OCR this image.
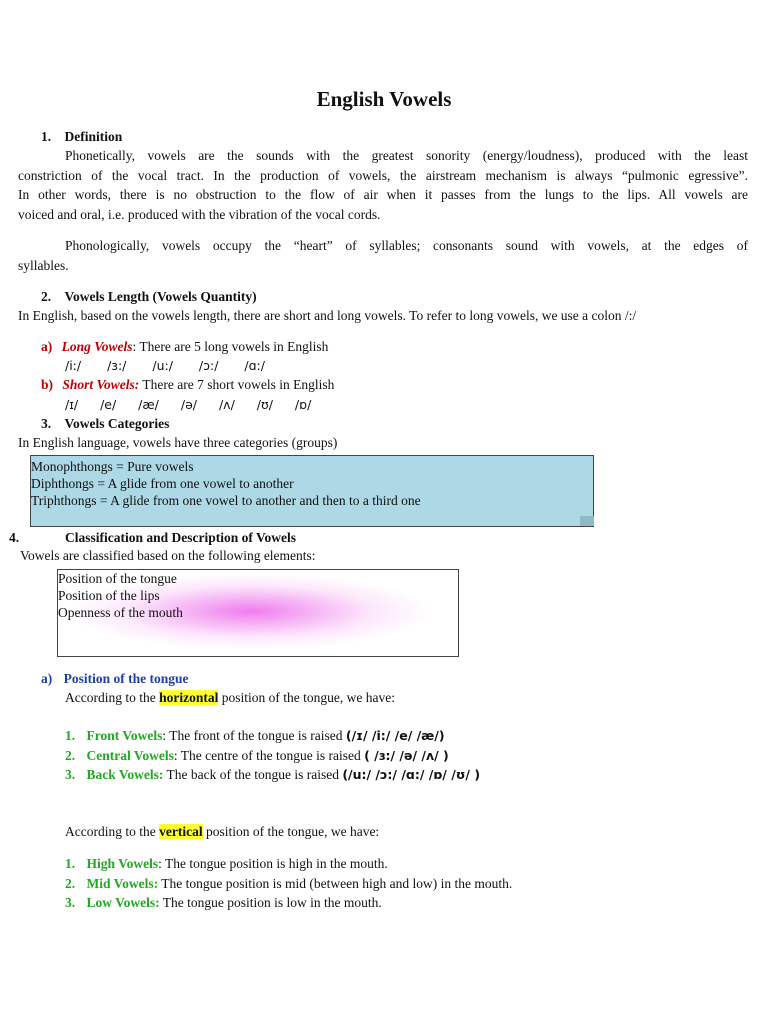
English Vowels
1. Definition
Phonetically, vowels are the sounds with the greatest sonority (energy/loudness), produced with the least
constriction of the vocal tract. In the production of vowels, the airstream mechanism is always “pulmonic egressive”.
In other words, there is no obstruction to the flow of air when it passes from the lungs to the lips. All vowels are
voiced and oral, i.e. produced with the vibration of the vocal cords.
Phonologically, vowels occupy the “heart” of syllables; consonants sound with vowels, at the edges of
syllables.
2. Vowels Length (Vowels Quantity)
In English, based on the vowels length, there are short and long vowels. To refer to long vowels, we use a colon /:/
a) Long Vowels: There are 5 long vowels in English
/i:/ /ɜ:/ /u:/ /ɔ:/ /ɑ:/
b) Short Vowels: There are 7 short vowels in English
/ɪ/ /e/ /æ/ /ə/ /ʌ/ /ʊ/ /ɒ/
3. Vowels Categories
In English language, vowels have three categories (groups)
Monophthongs = Pure vowels
Diphthongs = A glide from one vowel to another
Triphthongs = A glide from one vowel to another and then to a third one
4.	Classification and Description of Vowels
Vowels are classified based on the following elements:
Position of the tongue
Position of the lips
Openness of the mouth
a) Position of the tongue
According to the horizontal position of the tongue, we have:
1. Front Vowels: The front of the tongue is raised (/ɪ/ /i:/ /e/ /æ/)
2. Central Vowels: The centre of the tongue is raised ( /ɜ:/ /ə/ /ʌ/ )
3. Back Vowels: The back of the tongue is raised (/u:/ /ɔ:/ /ɑ:/ /ɒ/ /ʊ/ )
According to the vertical position of the tongue, we have:
1. High Vowels: The tongue position is high in the mouth.
2. Mid Vowels: The tongue position is mid (between high and low) in the mouth.
3. Low Vowels: The tongue position is low in the mouth.
